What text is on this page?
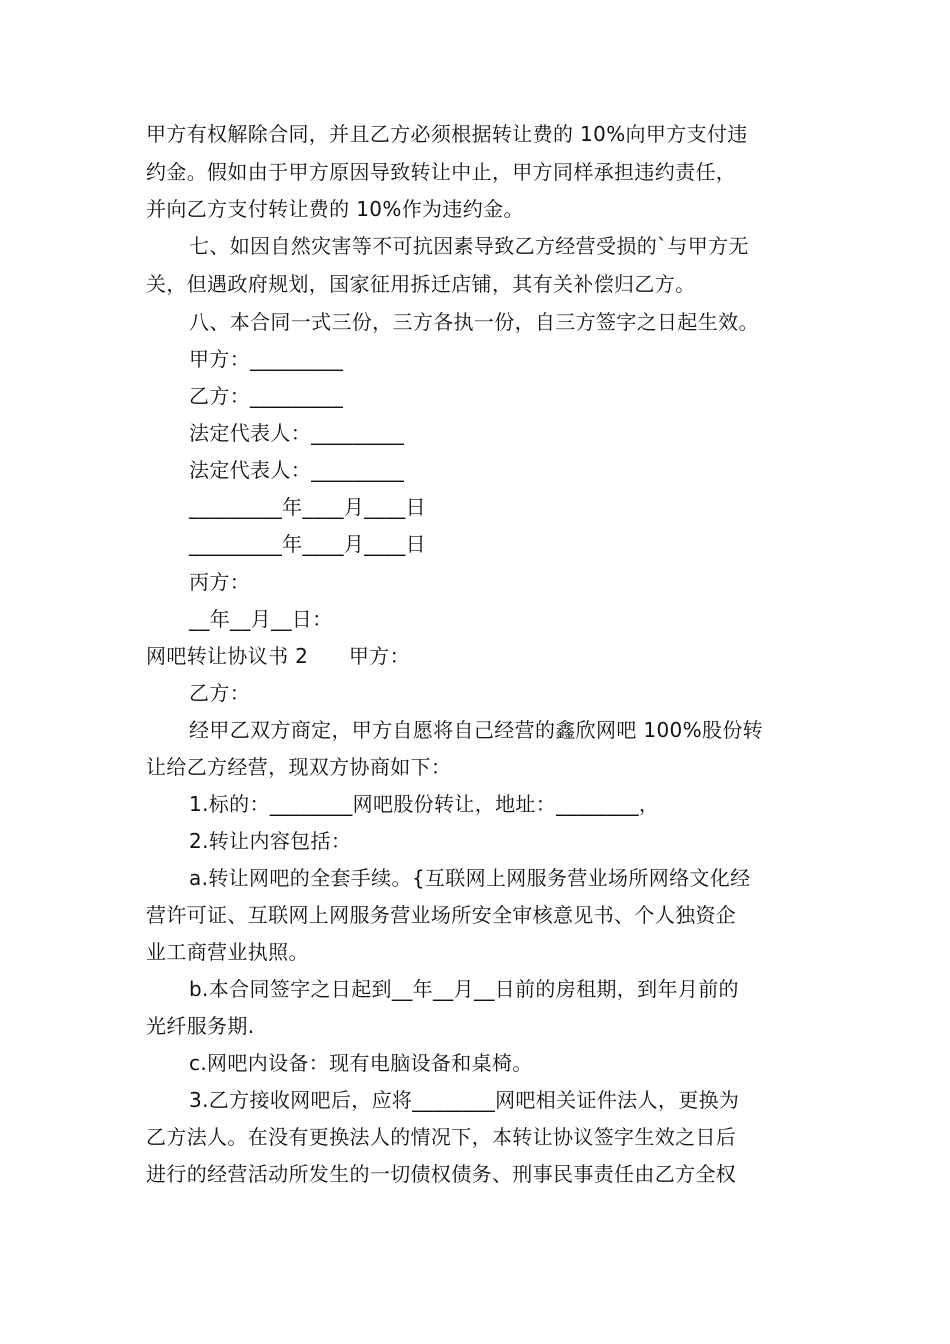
甲方有权解除合同，并且乙方必须根据转让费的 10%向甲方支付违
约金。假如由于甲方原因导致转让中止，甲方同样承担违约责任，
并向乙方支付转让费的 10%作为违约金。
七、如因自然灾害等不可抗因素导致乙方经营受损的`与甲方无
关，但遇政府规划，国家征用拆迁店铺，其有关补偿归乙方。
八、本合同一式三份，三方各执一份，自三方签字之日起生效。
甲方：_________
乙方：_________
法定代表人：_________
法定代表人：_________
_________年____月____日
_________年____月____日
丙方：
__年__月__日：
网吧转让协议书 2　　甲方：
乙方：
经甲乙双方商定，甲方自愿将自己经营的鑫欣网吧 100%股份转
让给乙方经营，现双方协商如下：
1.标的：________网吧股份转让，地址：________，
2.转让内容包括：
a.转让网吧的全套手续。{互联网上网服务营业场所网络文化经
营许可证、互联网上网服务营业场所安全审核意见书、个人独资企
业工商营业执照。
b.本合同签字之日起到__年__月__日前的房租期，到年月前的
光纤服务期.
c.网吧内设备：现有电脑设备和桌椅。
3.乙方接收网吧后，应将________网吧相关证件法人，更换为
乙方法人。在没有更换法人的情况下，本转让协议签字生效之日后
进行的经营活动所发生的一切债权债务、刑事民事责任由乙方全权
